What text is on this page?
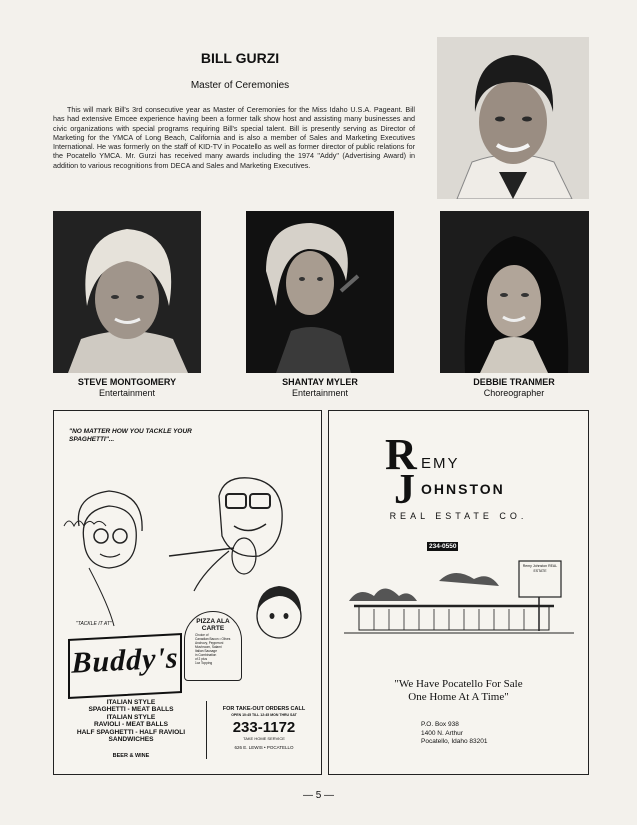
BILL GURZI
Master of Ceremonies
This will mark Bill's 3rd consecutive year as Master of Ceremonies for the Miss Idaho U.S.A. Pageant. Bill has had extensive Emcee experience having been a former talk show host and assisting many businesses and civic organizations with special programs requiring Bill's special talent. Bill is presently serving as Director of Marketing for the YMCA of Long Beach, California and is also a member of Sales and Marketing Executives International. He was formerly on the staff of KID-TV in Pocatello as well as former director of public relations for the Pocatello YMCA. Mr. Gurzi has received many awards including the 1974 "Addy" (Advertising Award) in addition to various recognitions from DECA and Sales and Marketing Executives.
STEVE MONTGOMERY
Entertainment
SHANTAY MYLER
Entertainment
DEBBIE TRANMER
Choreographer
"NO MATTER HOW YOU TACKLE YOUR SPAGHETTI"...
"TACKLE IT AT"	PIZZA ALA CARTE
Choice of
Canadian Bacon • Olives
Anchovy, Pepperoni
Mushroom, Salami
Italian Sausage
in Combination
of 2 plus
1oz Topping
Buddy's
ITALIAN STYLE
SPAGHETTI - MEAT BALLS
ITALIAN STYLE
RAVIOLI - MEAT BALLS
HALF SPAGHETTI - HALF RAVIOLI
SANDWICHES
BEER & WINE
FOR TAKE-OUT ORDERS CALL
OPEN 10:45 TILL 12:45 MON THRU SAT
233-1172
TAKE HOME SERVICE
626 E. LEWIS • POCATELLO
R EMY
J OHNSTON
REAL ESTATE CO.
234-0550
Remy Johnston REAL ESTATE
"We Have Pocatello For Sale
One Home At A Time"
P.O. Box 938
1400 N. Arthur
Pocatello, Idaho 83201
— 5 —
